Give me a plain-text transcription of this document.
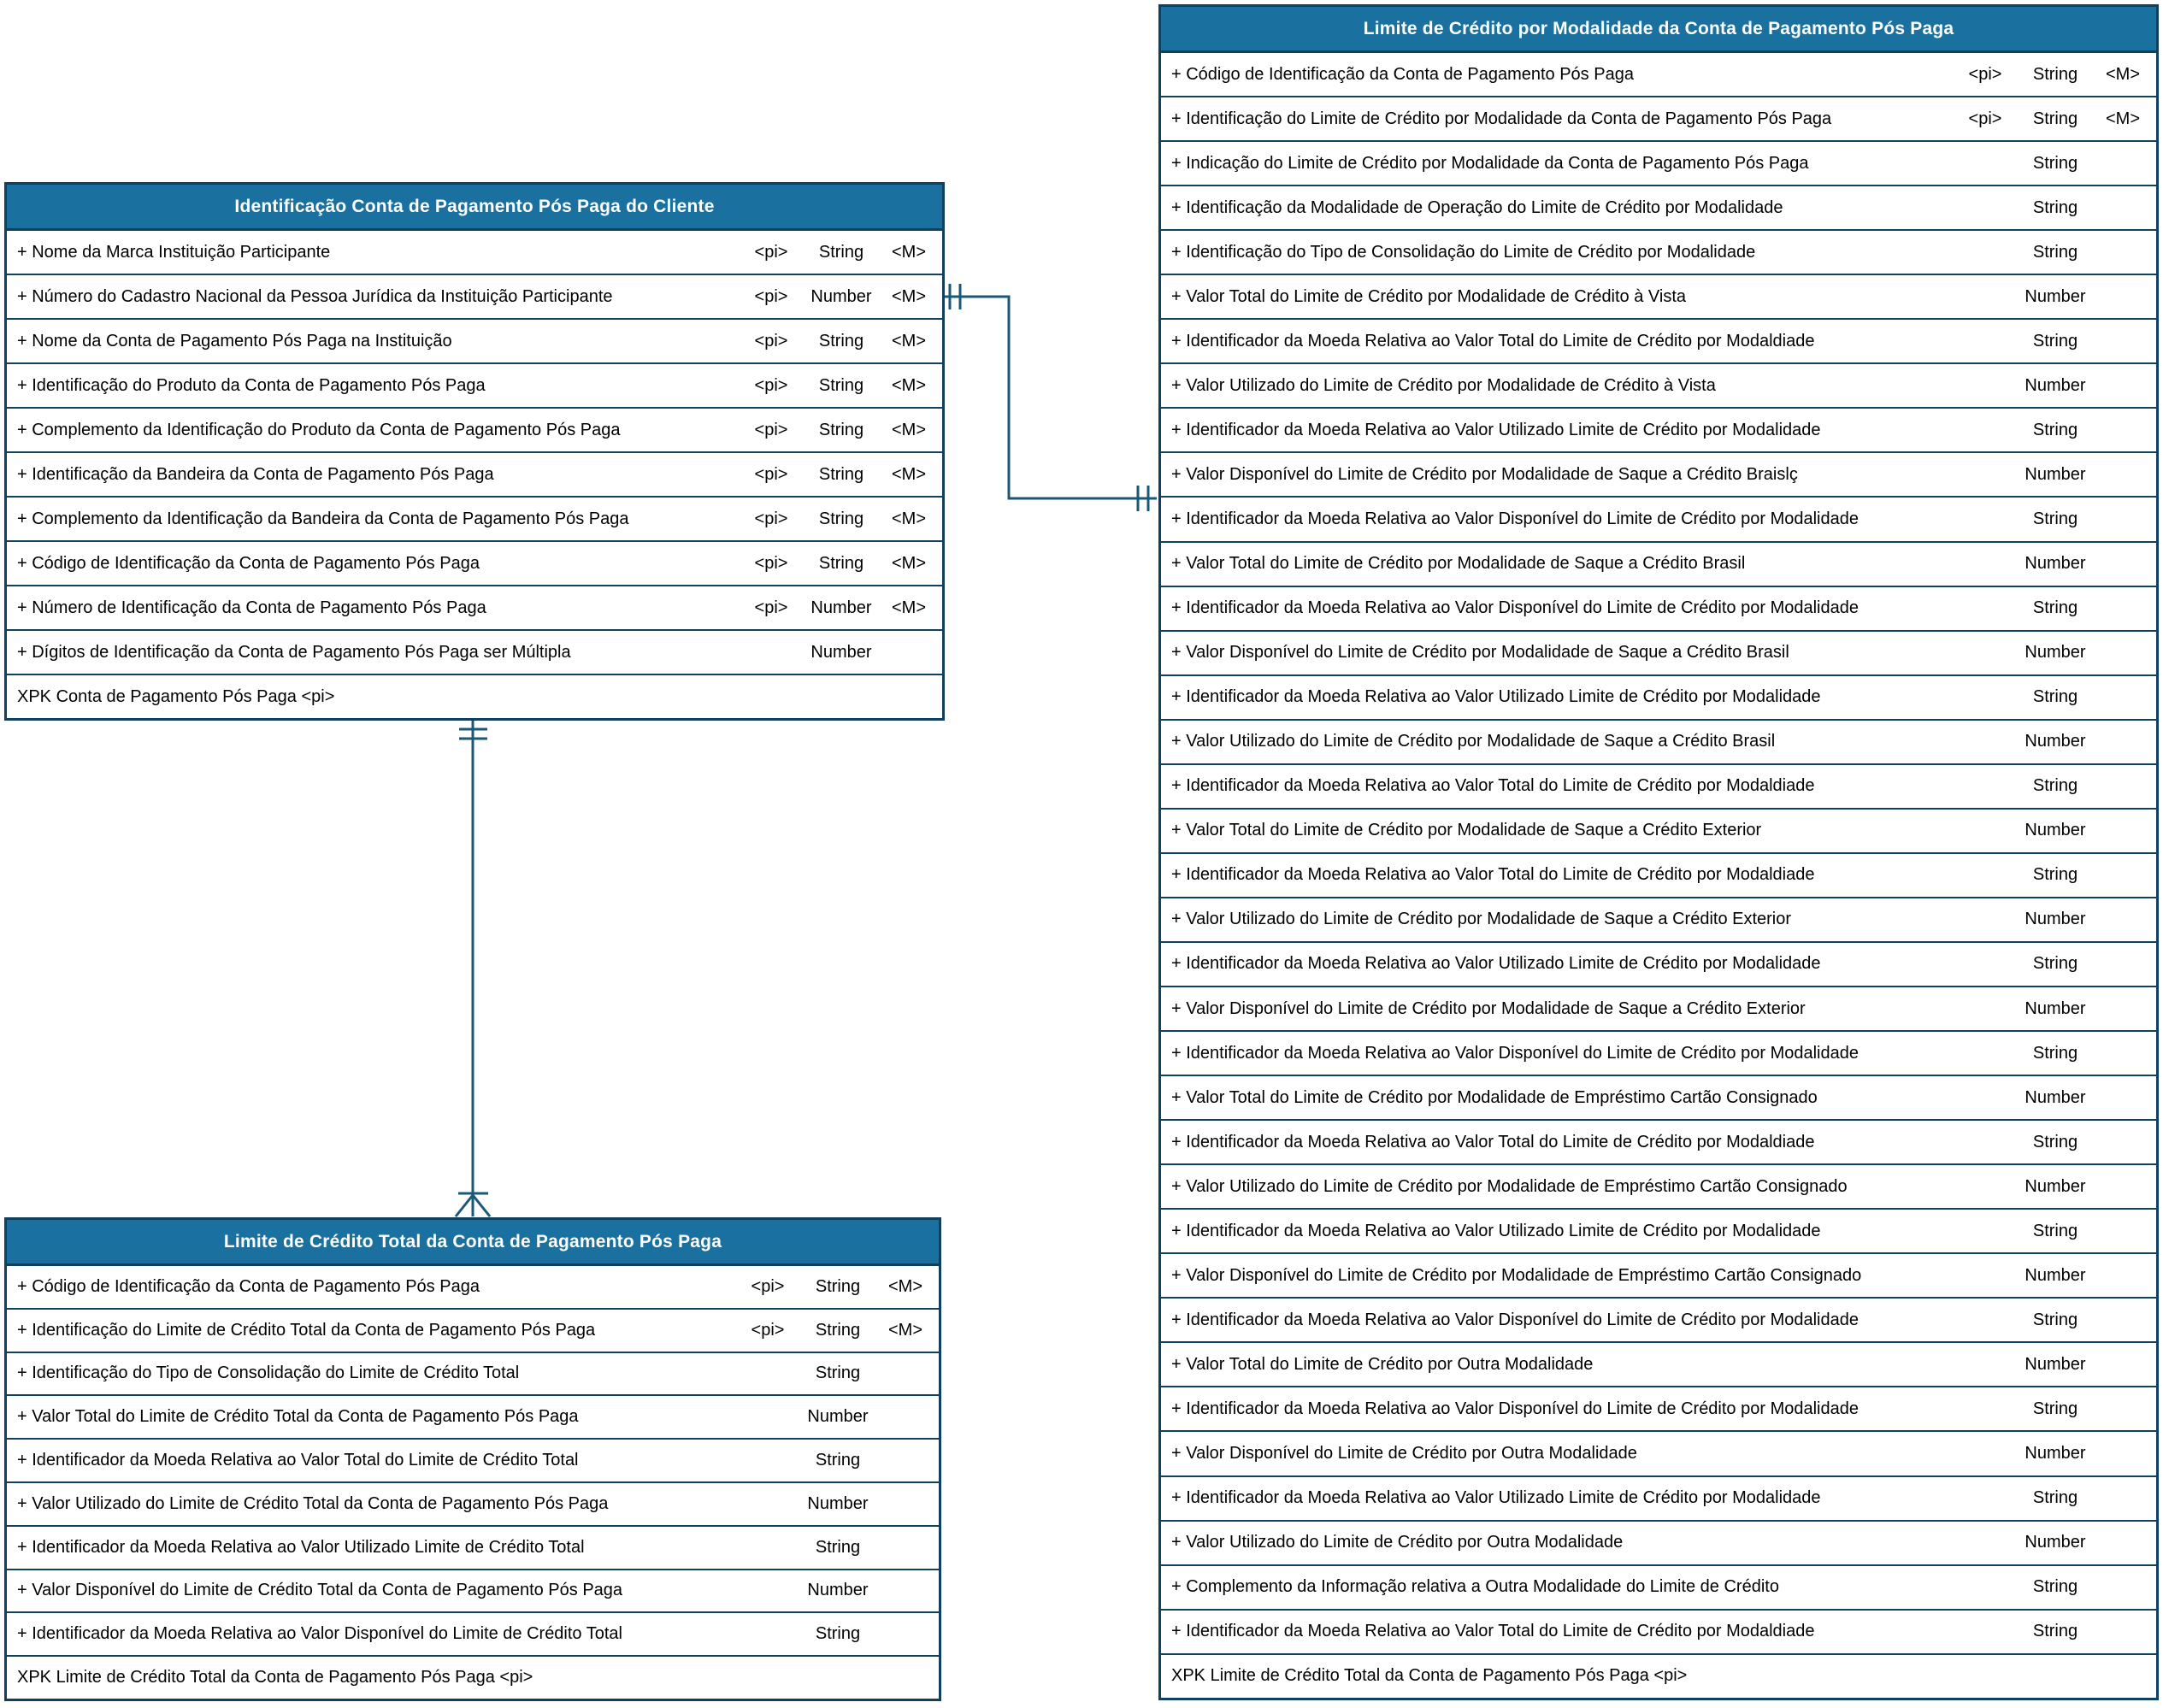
Identificação Conta de Pagamento Pós Paga do Cliente
+ Nome da Marca Instituição Participante	<pi>	String	<M>
+ Número do Cadastro Nacional da Pessoa Jurídica da Instituição Participante	<pi>	Number	<M>
+ Nome da Conta de Pagamento Pós Paga na Instituição	<pi>	String	<M>
+ Identificação do Produto da Conta de Pagamento Pós Paga	<pi>	String	<M>
+ Complemento da Identificação do Produto da Conta de Pagamento Pós Paga	<pi>	String	<M>
+ Identificação da Bandeira da Conta de Pagamento Pós Paga	<pi>	String	<M>
+ Complemento da Identificação da Bandeira da Conta de Pagamento Pós Paga	<pi>	String	<M>
+ Código de Identificação da Conta de Pagamento Pós Paga	<pi>	String	<M>
+ Número de Identificação da Conta de Pagamento Pós Paga	<pi>	Number	<M>
+ Dígitos de Identificação da Conta de Pagamento Pós Paga ser Múltipla	Number
XPK Conta de Pagamento Pós Paga <pi>
Limite de Crédito Total da Conta de Pagamento Pós Paga
+ Código de Identificação da Conta de Pagamento Pós Paga	<pi>	String	<M>
+ Identificação do Limite de Crédito Total da Conta de Pagamento Pós Paga	<pi>	String	<M>
+ Identificação do Tipo de Consolidação do Limite de Crédito Total	String
+ Valor Total do Limite de Crédito Total da Conta de Pagamento Pós Paga	Number
+ Identificador da Moeda Relativa ao Valor Total do Limite de Crédito Total	String
+ Valor Utilizado do Limite de Crédito Total da Conta de Pagamento Pós Paga	Number
+ Identificador da Moeda Relativa ao Valor Utilizado Limite de Crédito Total	String
+ Valor Disponível do Limite de Crédito Total da Conta de Pagamento Pós Paga	Number
+ Identificador da Moeda Relativa ao Valor Disponível do Limite de Crédito Total	String
XPK Limite de Crédito Total da Conta de Pagamento Pós Paga <pi>
Limite de Crédito por Modalidade da Conta de Pagamento Pós Paga
+ Código de Identificação da Conta de Pagamento Pós Paga	<pi>	String	<M>
+ Identificação do Limite de Crédito por Modalidade da Conta de Pagamento Pós Paga	<pi>	String	<M>
+ Indicação do Limite de Crédito por Modalidade da Conta de Pagamento Pós Paga	String
+ Identificação da Modalidade de Operação do Limite de Crédito por Modalidade	String
+ Identificação do Tipo de Consolidação do Limite de Crédito por Modalidade	String
+ Valor Total do Limite de Crédito por Modalidade de Crédito à Vista	Number
+ Identificador da Moeda Relativa ao Valor Total do Limite de Crédito por Modaldiade	String
+ Valor Utilizado do Limite de Crédito por Modalidade de Crédito à Vista	Number
+ Identificador da Moeda Relativa ao Valor Utilizado Limite de Crédito por Modalidade	String
+ Valor Disponível do Limite de Crédito por Modalidade de Saque a Crédito Braislç	Number
+ Identificador da Moeda Relativa ao Valor Disponível do Limite de Crédito por Modalidade	String
+ Valor Total do Limite de Crédito por Modalidade de Saque a Crédito Brasil	Number
+ Identificador da Moeda Relativa ao Valor Disponível do Limite de Crédito por Modalidade	String
+ Valor Disponível do Limite de Crédito por Modalidade de Saque a Crédito Brasil	Number
+ Identificador da Moeda Relativa ao Valor Utilizado Limite de Crédito por Modalidade	String
+ Valor Utilizado do Limite de Crédito por Modalidade de Saque a Crédito Brasil	Number
+ Identificador da Moeda Relativa ao Valor Total do Limite de Crédito por Modaldiade	String
+ Valor Total do Limite de Crédito por Modalidade de Saque a Crédito Exterior	Number
+ Identificador da Moeda Relativa ao Valor Total do Limite de Crédito por Modaldiade	String
+ Valor Utilizado do Limite de Crédito por Modalidade de Saque a Crédito Exterior	Number
+ Identificador da Moeda Relativa ao Valor Utilizado Limite de Crédito por Modalidade	String
+ Valor Disponível do Limite de Crédito por Modalidade de Saque a Crédito Exterior	Number
+ Identificador da Moeda Relativa ao Valor Disponível do Limite de Crédito por Modalidade	String
+ Valor Total do Limite de Crédito por Modalidade de Empréstimo Cartão Consignado	Number
+ Identificador da Moeda Relativa ao Valor Total do Limite de Crédito por Modaldiade	String
+ Valor Utilizado do Limite de Crédito por Modalidade de Empréstimo Cartão Consignado	Number
+ Identificador da Moeda Relativa ao Valor Utilizado Limite de Crédito por Modalidade	String
+ Valor Disponível do Limite de Crédito por Modalidade de Empréstimo Cartão Consignado	Number
+ Identificador da Moeda Relativa ao Valor Disponível do Limite de Crédito por Modalidade	String
+ Valor Total do Limite de Crédito por Outra Modalidade	Number
+ Identificador da Moeda Relativa ao Valor Disponível do Limite de Crédito por Modalidade	String
+ Valor Disponível do Limite de Crédito por Outra Modalidade	Number
+ Identificador da Moeda Relativa ao Valor Utilizado Limite de Crédito por Modalidade	String
+ Valor Utilizado do Limite de Crédito por Outra Modalidade	Number
+ Complemento da Informação relativa a Outra Modalidade do Limite de Crédito	String
+ Identificador da Moeda Relativa ao Valor Total do Limite de Crédito por Modaldiade	String
XPK Limite de Crédito Total da Conta de Pagamento Pós Paga <pi>
